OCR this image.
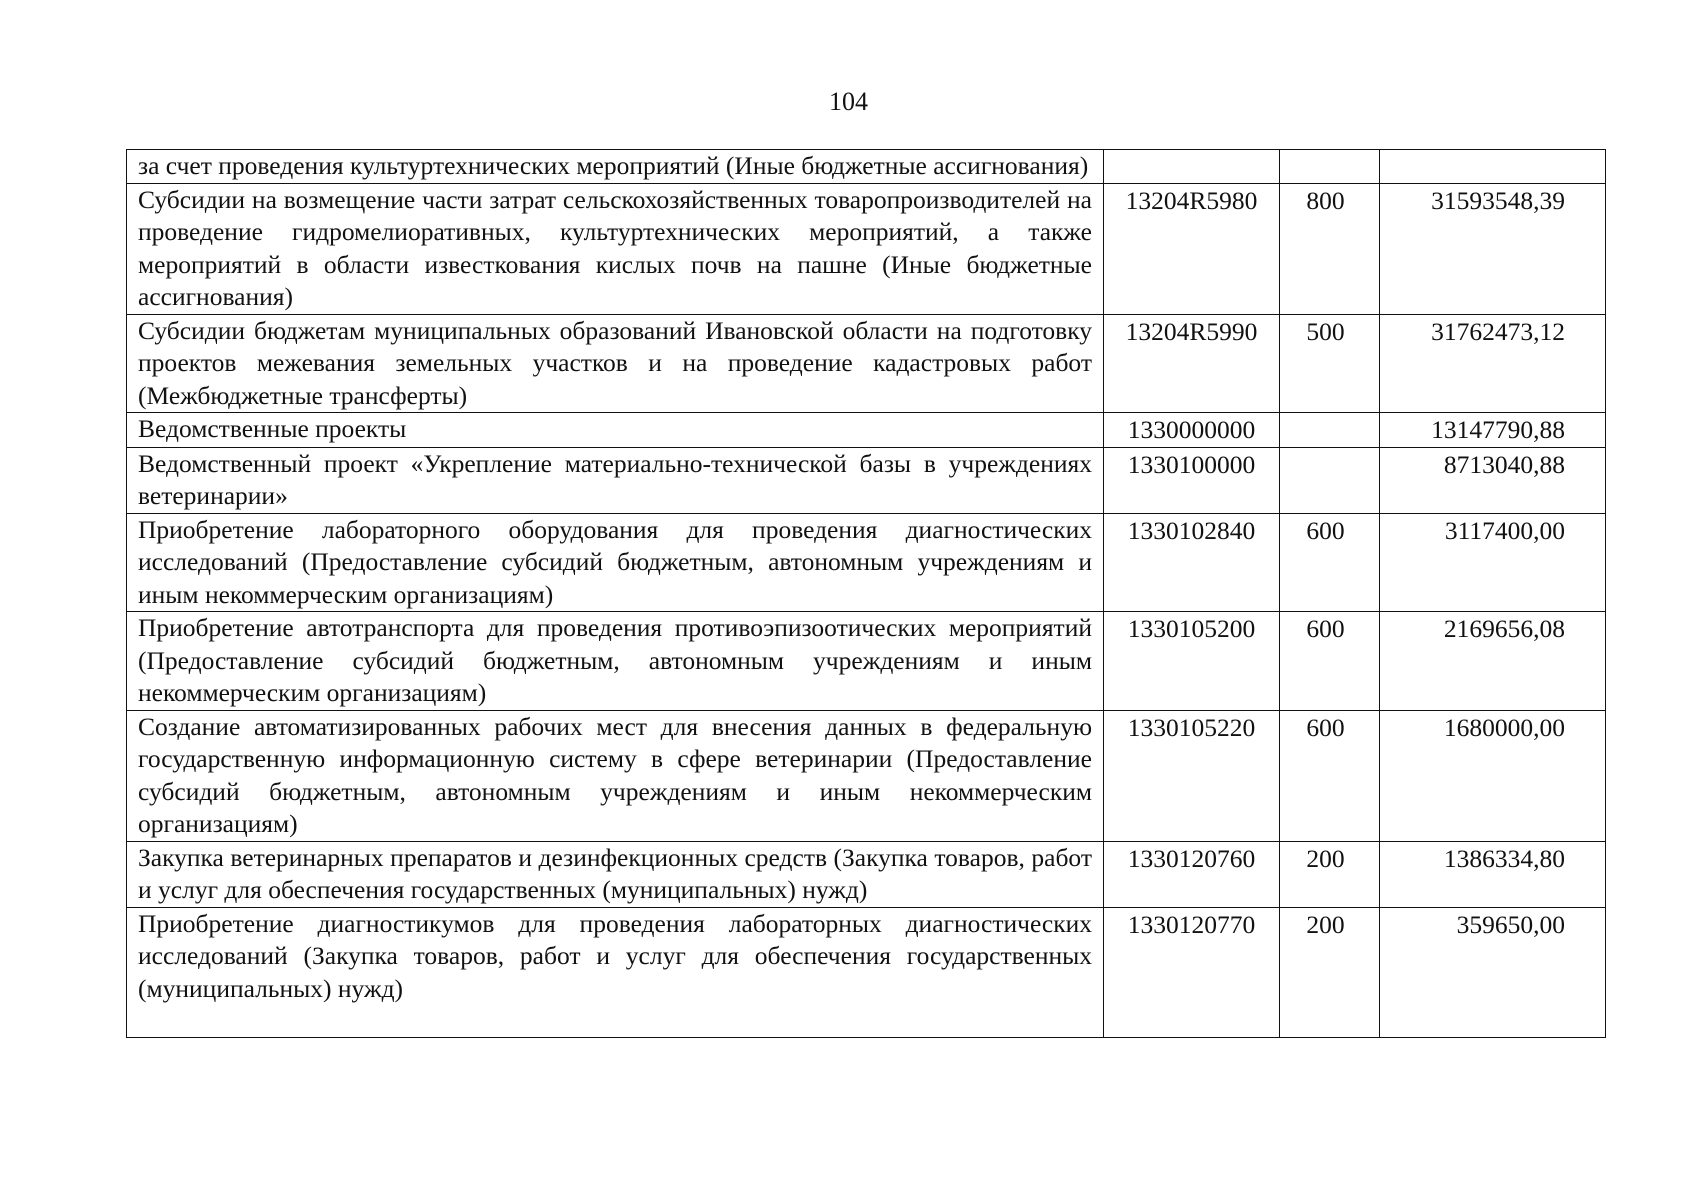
104
за счет проведения культуртехнических мероприятий (Иные бюджетные ассигнования)			
Субсидии на возмещение части затрат сельскохозяйственных товаропроизводителей на проведение гидромелиоративных, культуртехнических мероприятий, а также мероприятий в области известкования кислых почв на пашне (Иные бюджетные ассигнования)	13204R5980	800	31593548,39
Субсидии бюджетам муниципальных образований Ивановской области на подготовку проектов межевания земельных участков и на проведение кадастровых работ (Межбюджетные трансферты)	13204R5990	500	31762473,12
Ведомственные проекты	1330000000		13147790,88
Ведомственный проект «Укрепление материально-технической базы в учреждениях ветеринарии»	1330100000		8713040,88
Приобретение лабораторного оборудования для проведения диагностических исследований (Предоставление субсидий бюджетным, автономным учреждениям и иным некоммерческим организациям)	1330102840	600	3117400,00
Приобретение автотранспорта для проведения противоэпизоотических мероприятий (Предоставление субсидий бюджетным, автономным учреждениям и иным некоммерческим организациям)	1330105200	600	2169656,08
Создание автоматизированных рабочих мест для внесения данных в федеральную государственную информационную систему в сфере ветеринарии (Предоставление субсидий бюджетным, автономным учреждениям и иным некоммерческим организациям)	1330105220	600	1680000,00
Закупка ветеринарных препаратов и дезинфекционных средств (Закупка товаров, работ и услуг для обеспечения государственных (муниципальных) нужд)	1330120760	200	1386334,80
Приобретение диагностикумов для проведения лабораторных диагностических исследований (Закупка товаров, работ и услуг для обеспечения государственных (муниципальных) нужд)	1330120770	200	359650,00
